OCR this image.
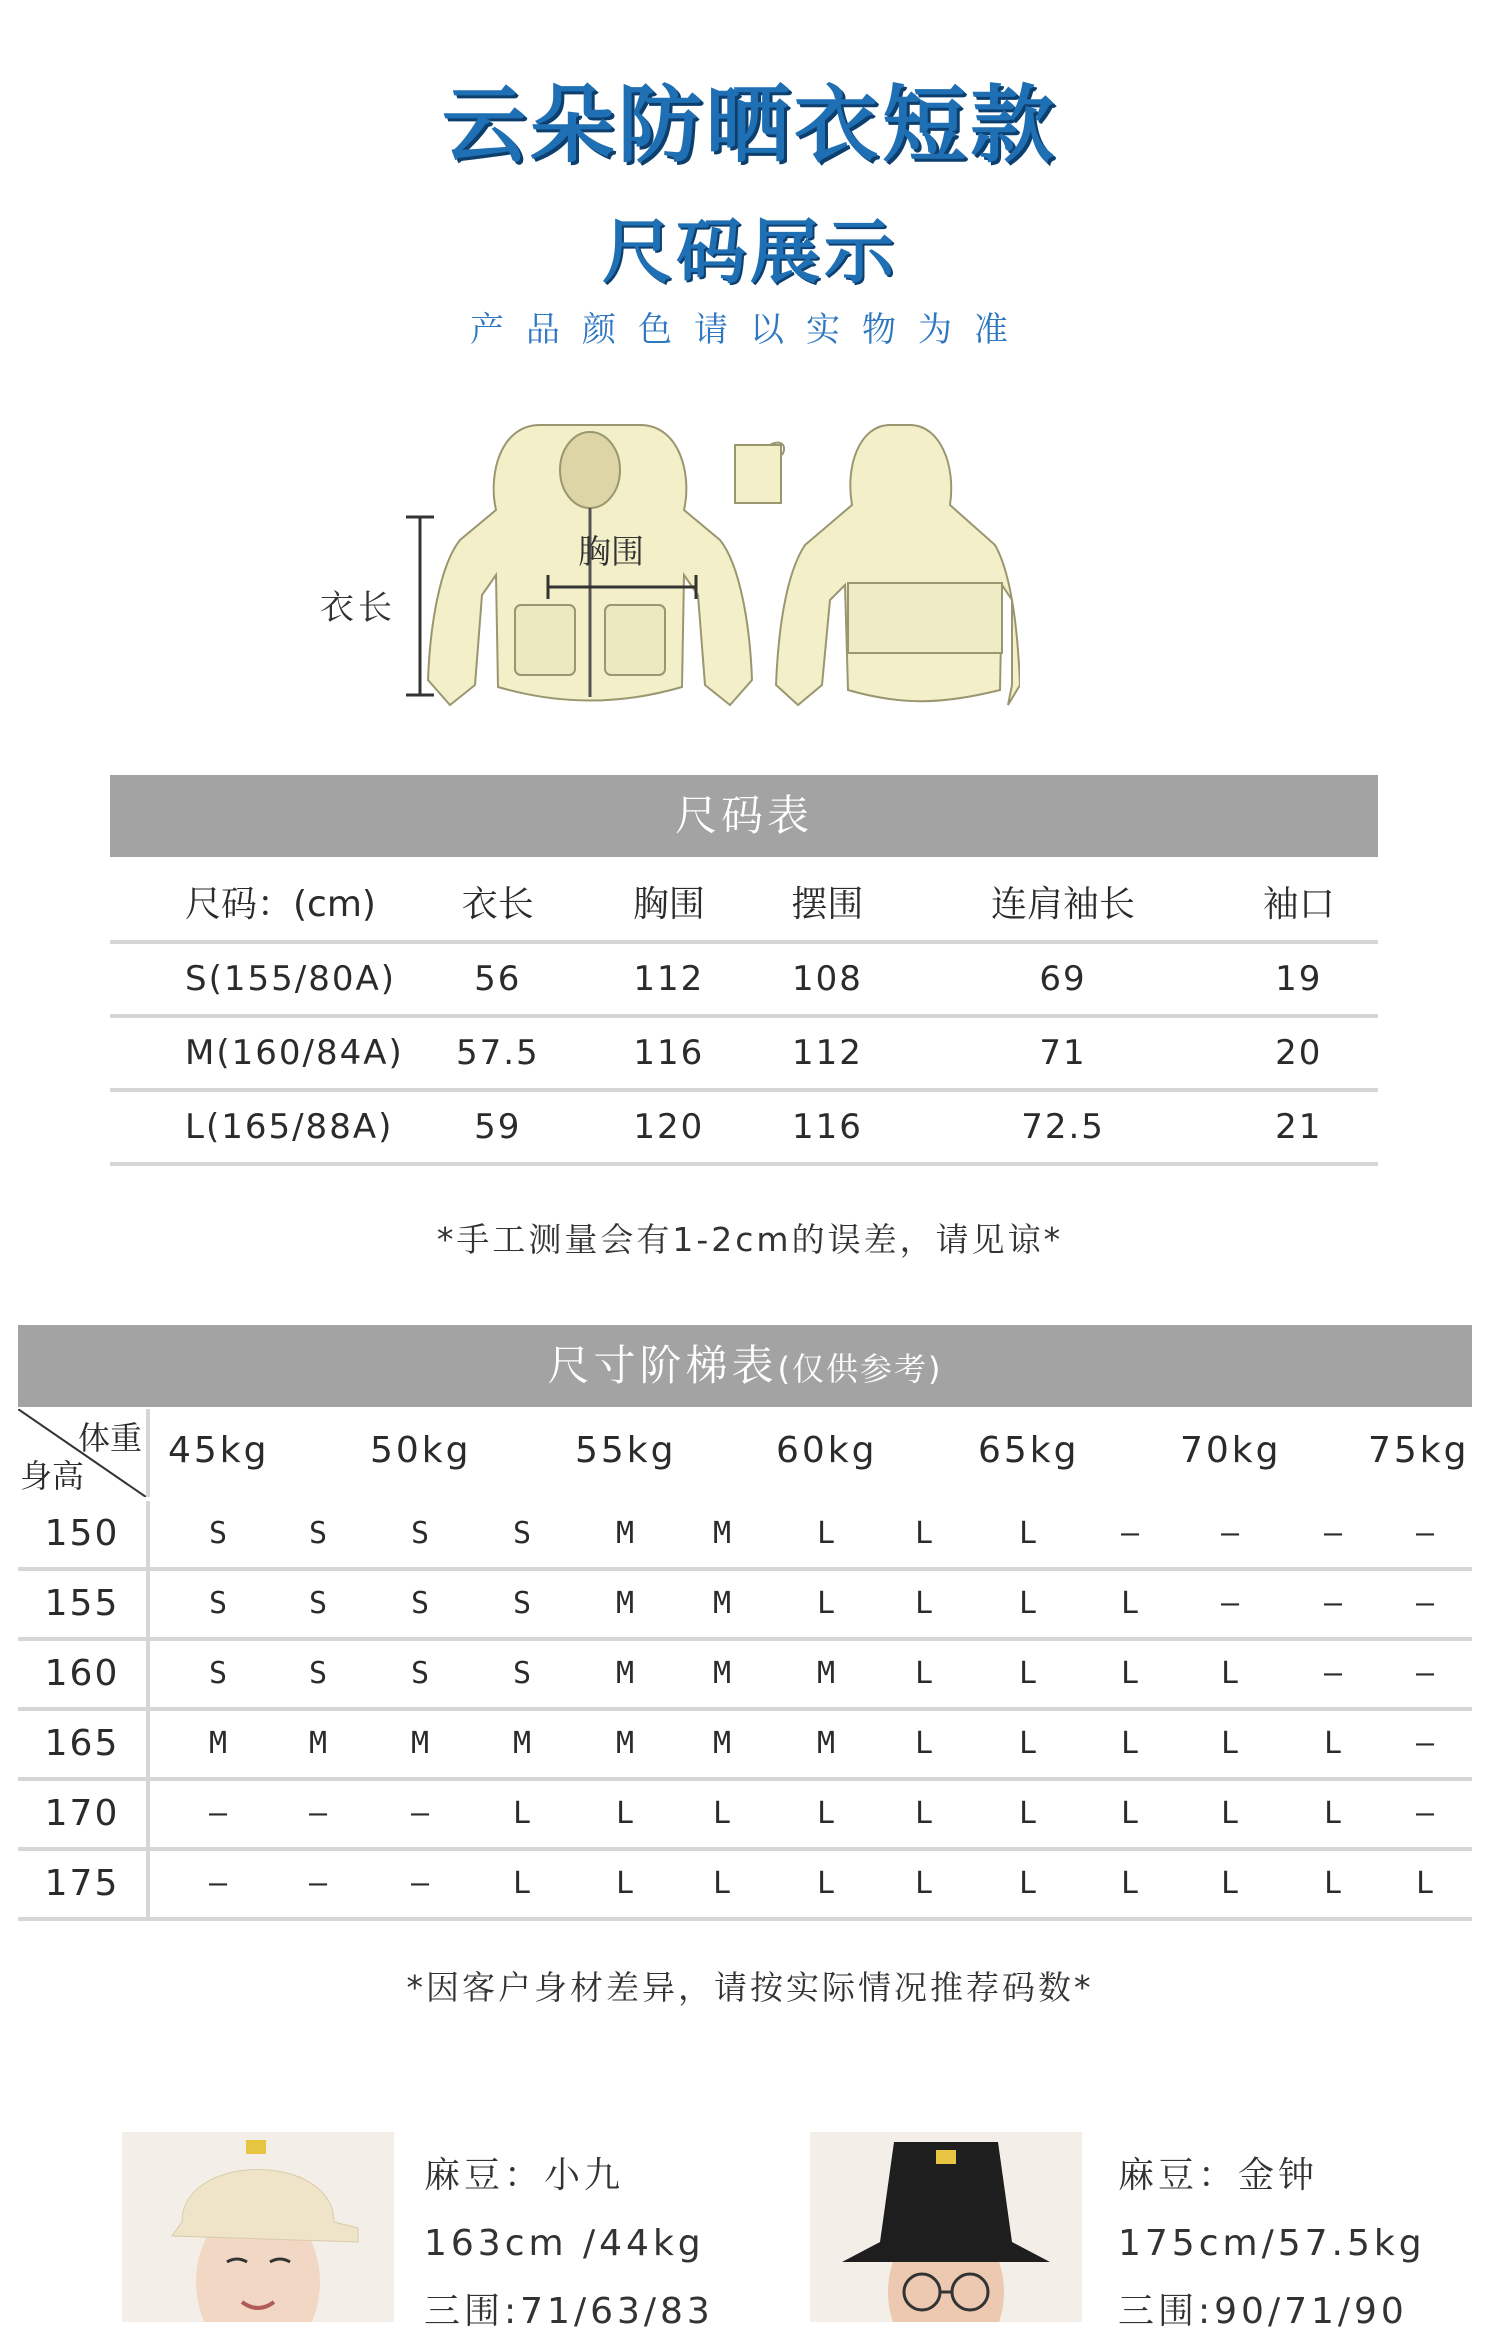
云朵防晒衣短款
尺码展示
产品颜色请以实物为准
衣长
胸围
尺码表
尺码：(cm)	衣长	胸围	摆围	连肩袖长	袖口
S(155/80A)	56	112	108	69	19
M(160/84A)	57.5	116	112	71	20
L(165/88A)	59	120	116	72.5	21
*手工测量会有1-2cm的误差，请见谅*
尺寸阶梯表(仅供参考)
体重
身高
45kg	50kg	55kg	60kg	65kg	70kg 75kg
150	S	S	S	S	M	M	L	L	L	–	–	–	–
155	S	S	S	S	M	M	L	L	L	L	–	–	–
160	S	S	S	S	M	M	M	L	L	L	L	–	–
165	M	M	M	M	M	M	M	L	L	L	L	L	–
170	–	–	–	L	L	L	L	L	L	L	L	L	–
175	–	–	–	L	L	L	L	L	L	L	L	L	L
*因客户身材差异，请按实际情况推荐码数*
麻豆：小九
163cm /44kg
三围:71/63/83
麻豆：金钟
175cm/57.5kg
三围:90/71/90
